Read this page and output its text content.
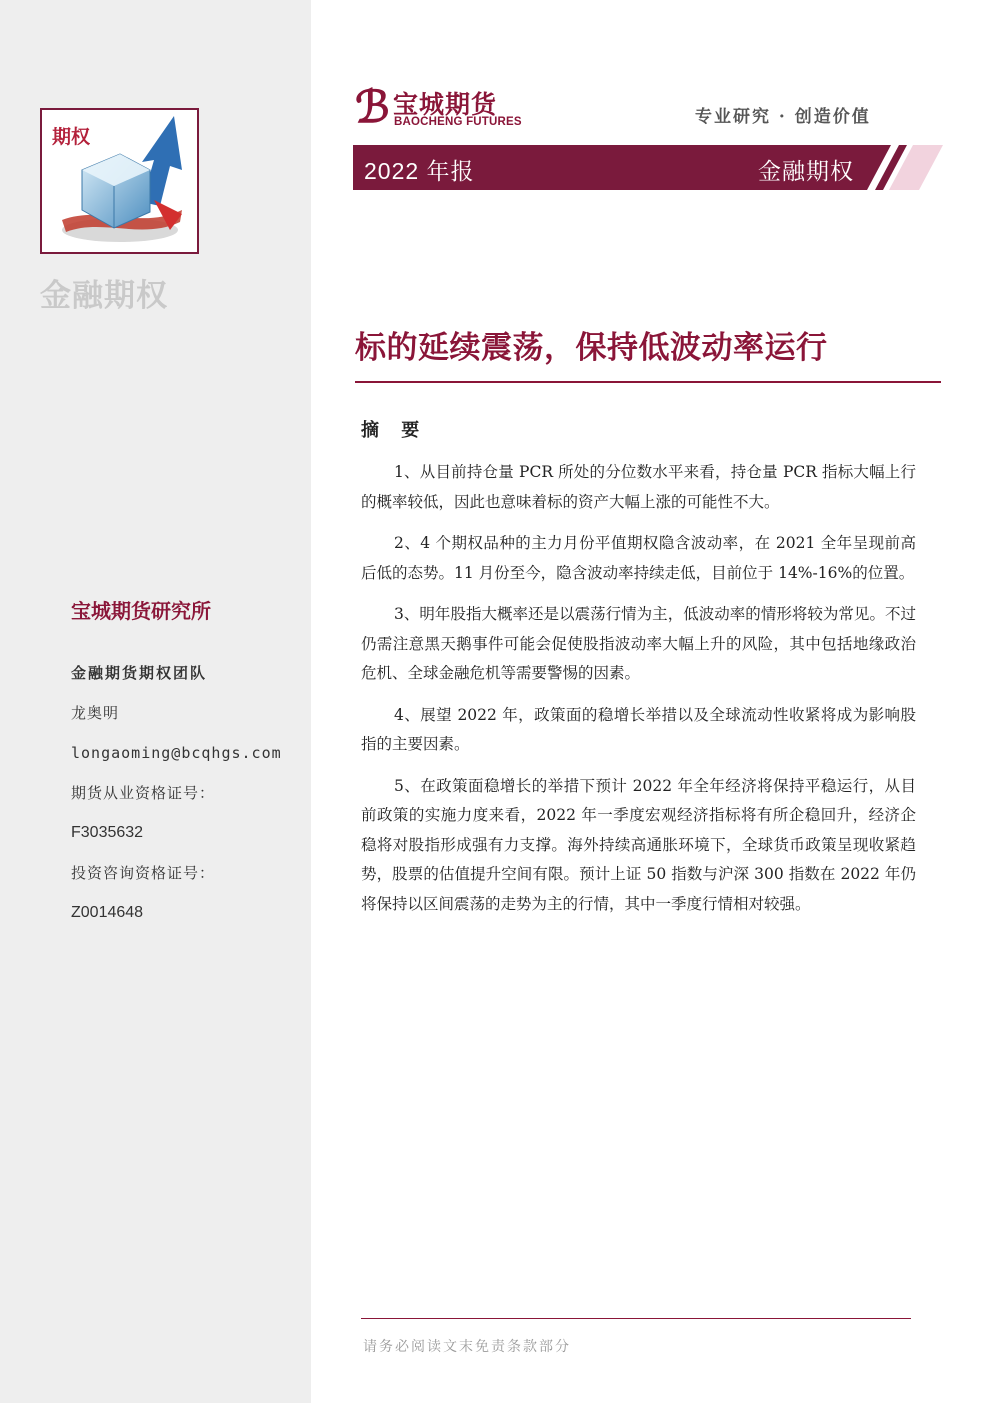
期权
金融期权
宝城期货研究所
金融期货期权团队
龙奥明
longaoming@bcqhgs.com
期货从业资格证号：
F3035632
投资咨询资格证号：
Z0014648
ℬ 宝城期货
BAOCHENG FUTURES	专业研究 · 创造价值
2022 年报	金融期权
标的延续震荡，保持低波动率运行
摘 要

1、从目前持仓量 PCR 所处的分位数水平来看，持仓量 PCR 指标大幅上行的概率较低，因此也意味着标的资产大幅上涨的可能性不大。

2、4 个期权品种的主力月份平值期权隐含波动率，在 2021 全年呈现前高后低的态势。11 月份至今，隐含波动率持续走低，目前位于 14%-16%的位置。

3、明年股指大概率还是以震荡行情为主，低波动率的情形将较为常见。不过仍需注意黑天鹅事件可能会促使股指波动率大幅上升的风险，其中包括地缘政治危机、全球金融危机等需要警惕的因素。

4、展望 2022 年，政策面的稳增长举措以及全球流动性收紧将成为影响股指的主要因素。

5、在政策面稳增长的举措下预计 2022 年全年经济将保持平稳运行，从目前政策的实施力度来看，2022 年一季度宏观经济指标将有所企稳回升，经济企稳将对股指形成强有力支撑。海外持续高通胀环境下，全球货币政策呈现收紧趋势，股票的估值提升空间有限。预计上证 50 指数与沪深 300 指数在 2022 年仍将保持以区间震荡的走势为主的行情，其中一季度行情相对较强。

请务必阅读文末免责条款部分
